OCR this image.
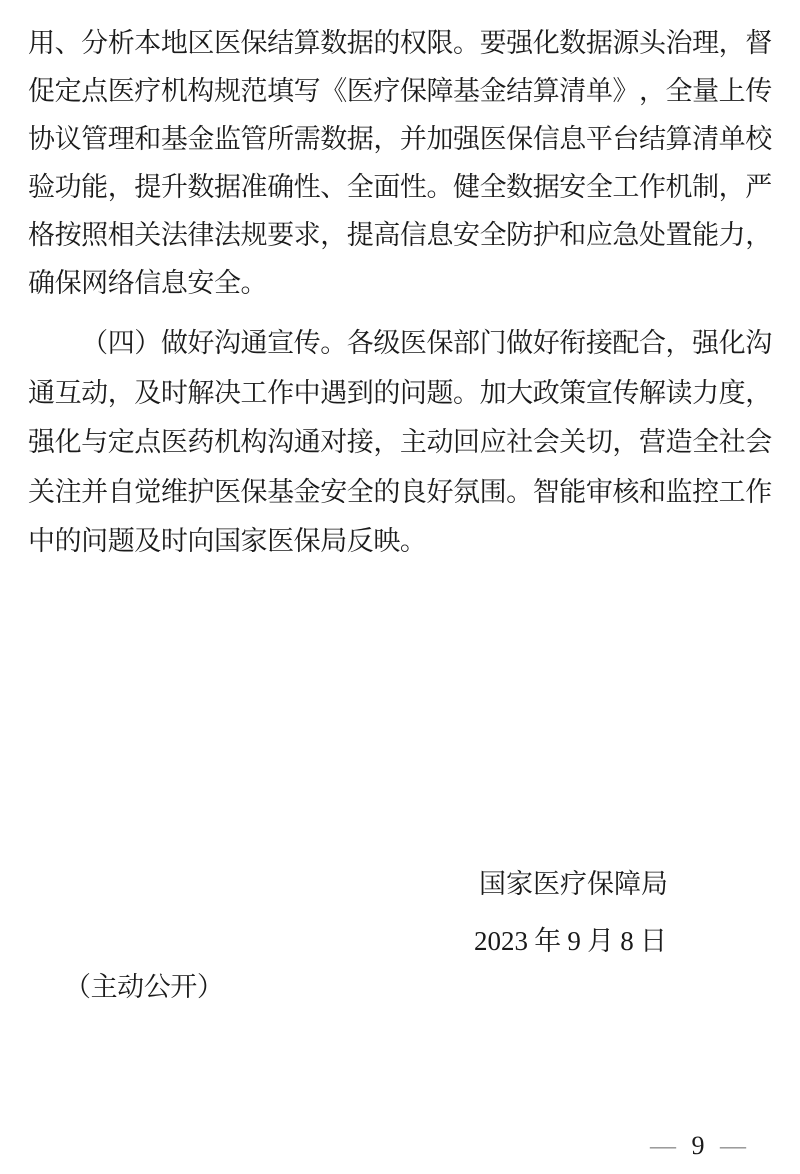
用 、 分 析 本 地 区 医 保 结 算 数 据 的 权 限 。 要 强 化 数 据 源 头 治 理 ， 督
促 定 点 医 疗 机 构 规 范 填 写 《 医 疗 保 障 基 金 结 算 清 单 》 ， 全 量 上 传
协 议 管 理 和 基 金 监 管 所 需 数 据 ， 并 加 强 医 保 信 息 平 台 结 算 清 单 校
验 功 能 ， 提 升 数 据 准 确 性 、 全 面 性 。 健 全 数 据 安 全 工 作 机 制 ， 严
格 按 照 相 关 法 律 法 规 要 求 ， 提 高 信 息 安 全 防 护 和 应 急 处 置 能 力 ，
确 保 网 络 信 息 安 全 。
（ 四 ） 做 好 沟 通 宣 传 。 各 级 医 保 部 门 做 好 衔 接 配 合 ， 强 化 沟
通 互 动 ， 及 时 解 决 工 作 中 遇 到 的 问 题 。 加 大 政 策 宣 传 解 读 力 度 ，
强 化 与 定 点 医 药 机 构 沟 通 对 接 ， 主 动 回 应 社 会 关 切 ， 营 造 全 社 会
关 注 并 自 觉 维 护 医 保 基 金 安 全 的 良 好 氛 围 。 智 能 审 核 和 监 控 工 作
中 的 问 题 及 时 向 国 家 医 保 局 反 映 。
国 家 医 疗 保 障 局
2023 年 9 月 8 日
（ 主 动 公 开 ）
— 9 —
